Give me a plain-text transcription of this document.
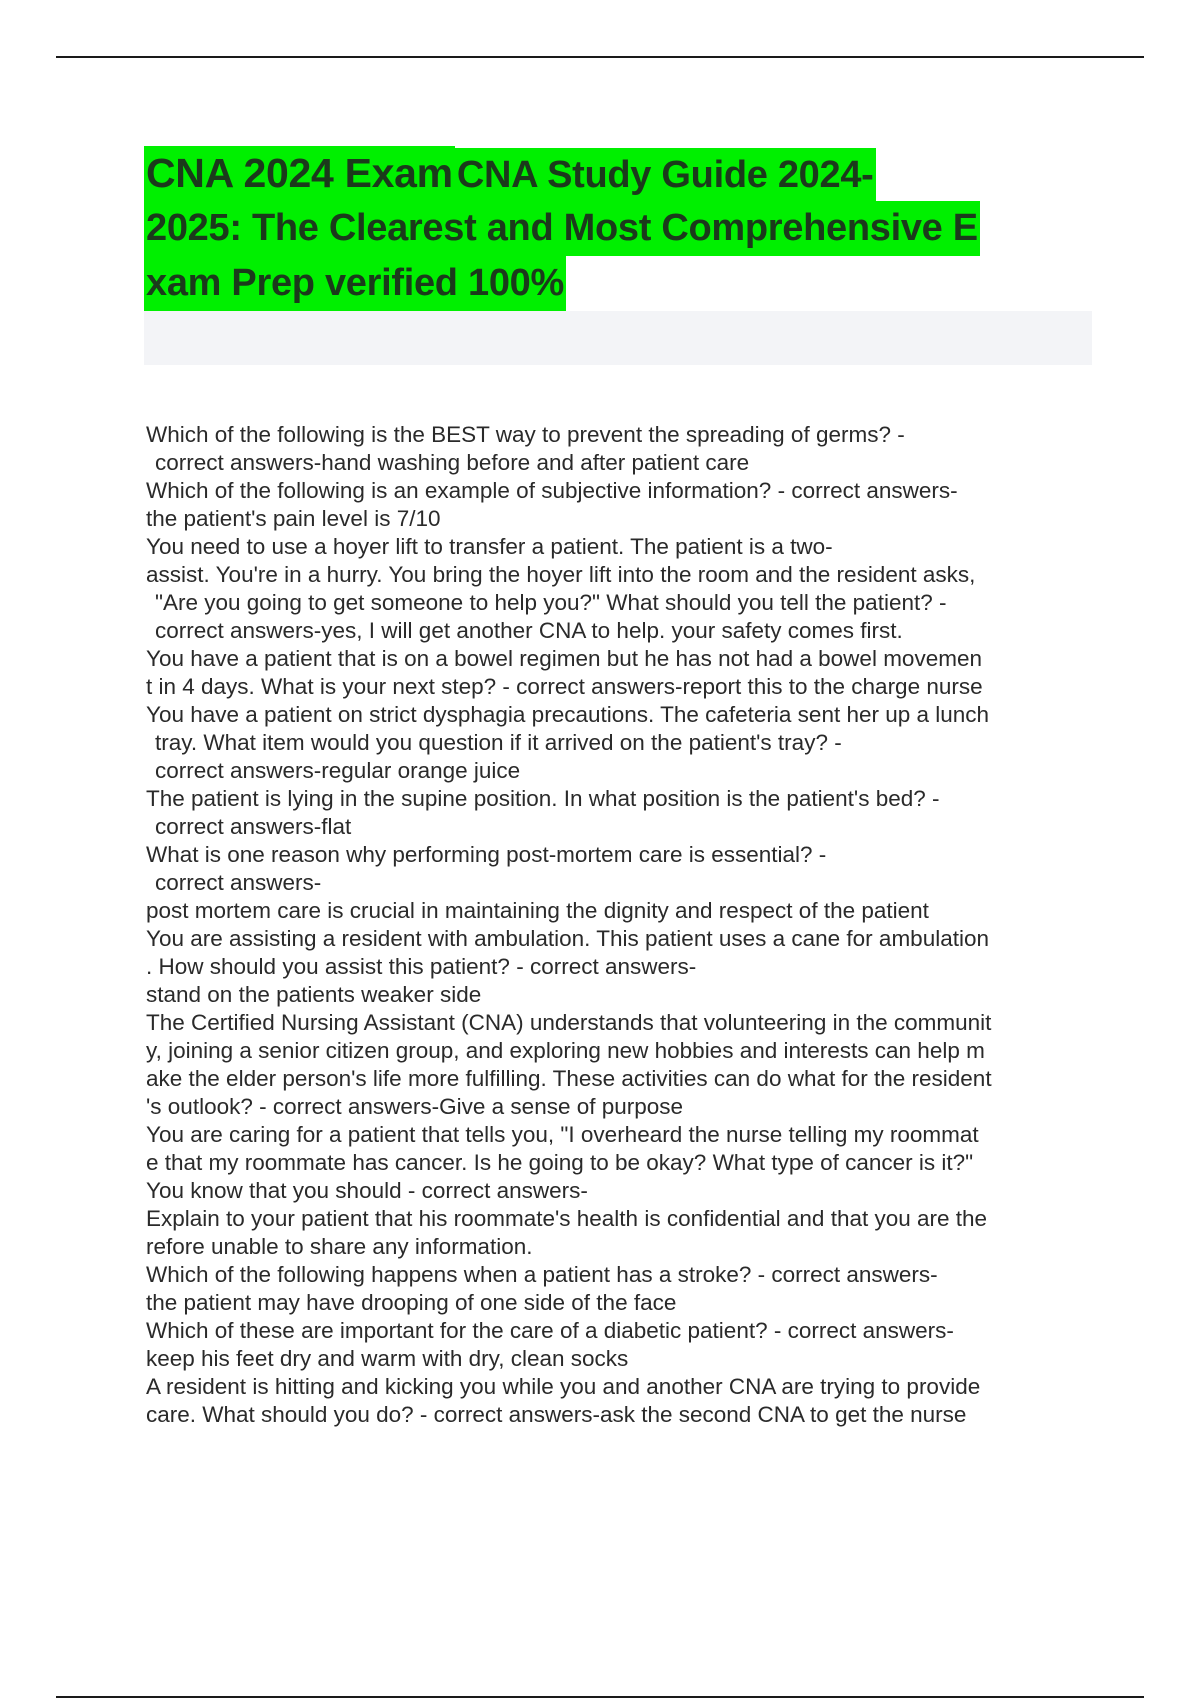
CNA 2024 ExamCNA Study Guide 2024-
2025: The Clearest and Most Comprehensive E
xam Prep verified 100%
Which of the following is the BEST way to prevent the spreading of germs? -
correct answers-hand washing before and after patient care
Which of the following is an example of subjective information? - correct answers-
the patient's pain level is 7/10
You need to use a hoyer lift to transfer a patient. The patient is a two-
assist. You're in a hurry. You bring the hoyer lift into the room and the resident asks,
"Are you going to get someone to help you?" What should you tell the patient? -
correct answers-yes, I will get another CNA to help. your safety comes first.
You have a patient that is on a bowel regimen but he has not had a bowel movemen
t in 4 days. What is your next step? - correct answers-report this to the charge nurse
You have a patient on strict dysphagia precautions. The cafeteria sent her up a lunch
tray. What item would you question if it arrived on the patient's tray? -
correct answers-regular orange juice
The patient is lying in the supine position. In what position is the patient's bed? -
correct answers-flat
What is one reason why performing post-mortem care is essential? -
correct answers-
post mortem care is crucial in maintaining the dignity and respect of the patient
You are assisting a resident with ambulation. This patient uses a cane for ambulation
. How should you assist this patient? - correct answers-
stand on the patients weaker side
The Certified Nursing Assistant (CNA) understands that volunteering in the communit
y, joining a senior citizen group, and exploring new hobbies and interests can help m
ake the elder person's life more fulfilling. These activities can do what for the resident
's outlook? - correct answers-Give a sense of purpose
You are caring for a patient that tells you, "I overheard the nurse telling my roommat
e that my roommate has cancer. Is he going to be okay? What type of cancer is it?"
You know that you should - correct answers-
Explain to your patient that his roommate's health is confidential and that you are the
refore unable to share any information.
Which of the following happens when a patient has a stroke? - correct answers-
the patient may have drooping of one side of the face
Which of these are important for the care of a diabetic patient? - correct answers-
keep his feet dry and warm with dry, clean socks
A resident is hitting and kicking you while you and another CNA are trying to provide
care. What should you do? - correct answers-ask the second CNA to get the nurse
